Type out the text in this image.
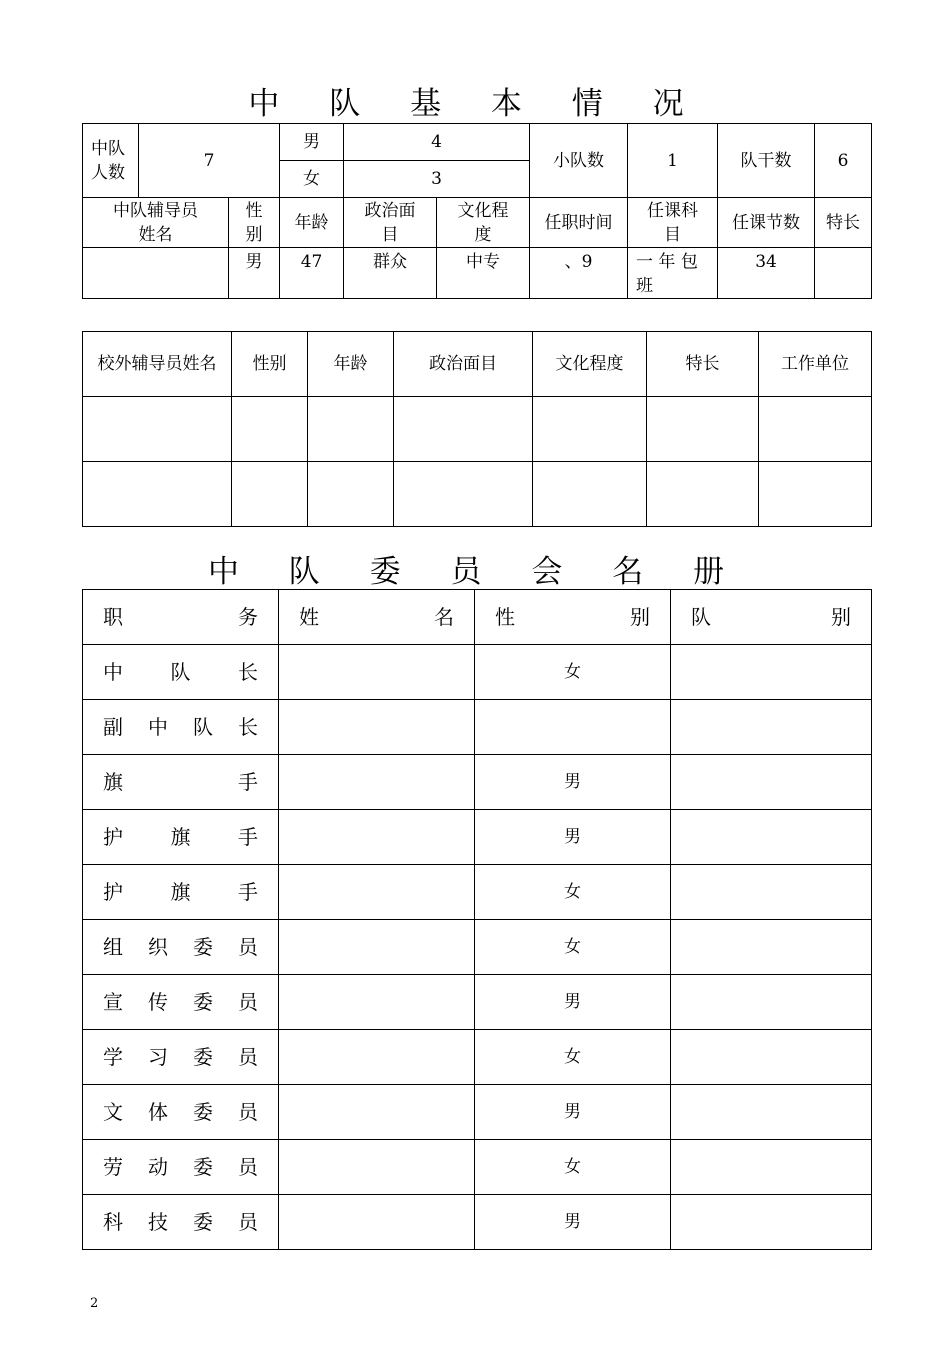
中 队 基 本 情 况
中队人数	7		男	4		小队数	1	队干数	6
			女	3					
中队辅导员姓名		性别	年龄	政治面目	文化程度	任职时间	任课科目	任课节数	特长
		男	47	群众	中专	、9	一 年 包 班	34	
校外辅导员姓名	性别	年龄	政治面目	文化程度	特长	工作单位

中 队 委 员 会 名 册
职务	姓名	性别	队别
中队长		女	
副中队长			
旗手		男	
护旗手		男	
护旗手		女	
组织委员		女	
宣传委员		男	
学习委员		女	
文体委员		男	
劳动委员		女	
科技委员		男	
2
